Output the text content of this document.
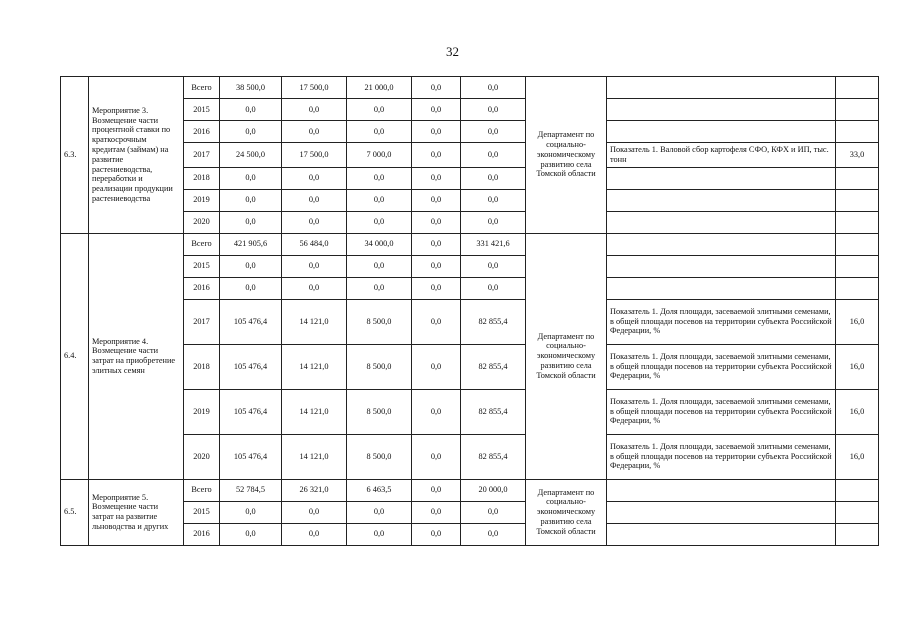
32
6.3.	Мероприятие 3. Возмещение части процентной ставки по краткосрочным кредитам (займам) на развитие растениеводства, переработки и реализации продукции растениеводства	Всего	38 500,0	17 500,0	21 000,0	0,0	0,0	Департамент по социально-экономическому развитию села Томской области		
		2015	0,0	0,0	0,0	0,0	0,0			
		2016	0,0	0,0	0,0	0,0	0,0			
		2017	24 500,0	17 500,0	7 000,0	0,0	0,0		Показатель 1. Валовой сбор картофеля СФО, КФХ и ИП, тыс. тонн	33,0
		2018	0,0	0,0	0,0	0,0	0,0			
		2019	0,0	0,0	0,0	0,0	0,0			
		2020	0,0	0,0	0,0	0,0	0,0			
6.4.	Мероприятие 4. Возмещение части затрат на приобретение элитных семян	Всего	421 905,6	56 484,0	34 000,0	0,0	331 421,6	Департамент по социально-экономическому развитию села Томской области		
		2015	0,0	0,0	0,0	0,0	0,0			
		2016	0,0	0,0	0,0	0,0	0,0			
		2017	105 476,4	14 121,0	8 500,0	0,0	82 855,4		Показатель 1. Доля площади, засеваемой элитными семенами, в общей площади посевов на территории субъекта Российской Федерации, %	16,0
		2018	105 476,4	14 121,0	8 500,0	0,0	82 855,4		Показатель 1. Доля площади, засеваемой элитными семенами, в общей площади посевов на территории субъекта Российской Федерации, %	16,0
		2019	105 476,4	14 121,0	8 500,0	0,0	82 855,4		Показатель 1. Доля площади, засеваемой элитными семенами, в общей площади посевов на территории субъекта Российской Федерации, %	16,0
		2020	105 476,4	14 121,0	8 500,0	0,0	82 855,4		Показатель 1. Доля площади, засеваемой элитными семенами, в общей площади посевов на территории субъекта Российской Федерации, %	16,0
6.5.	Мероприятие 5. Возмещение части затрат на развитие льноводства и других	Всего	52 784,5	26 321,0	6 463,5	0,0	20 000,0	Департамент по социально-экономическому развитию села Томской области		
		2015	0,0	0,0	0,0	0,0	0,0			
		2016	0,0	0,0	0,0	0,0	0,0			
